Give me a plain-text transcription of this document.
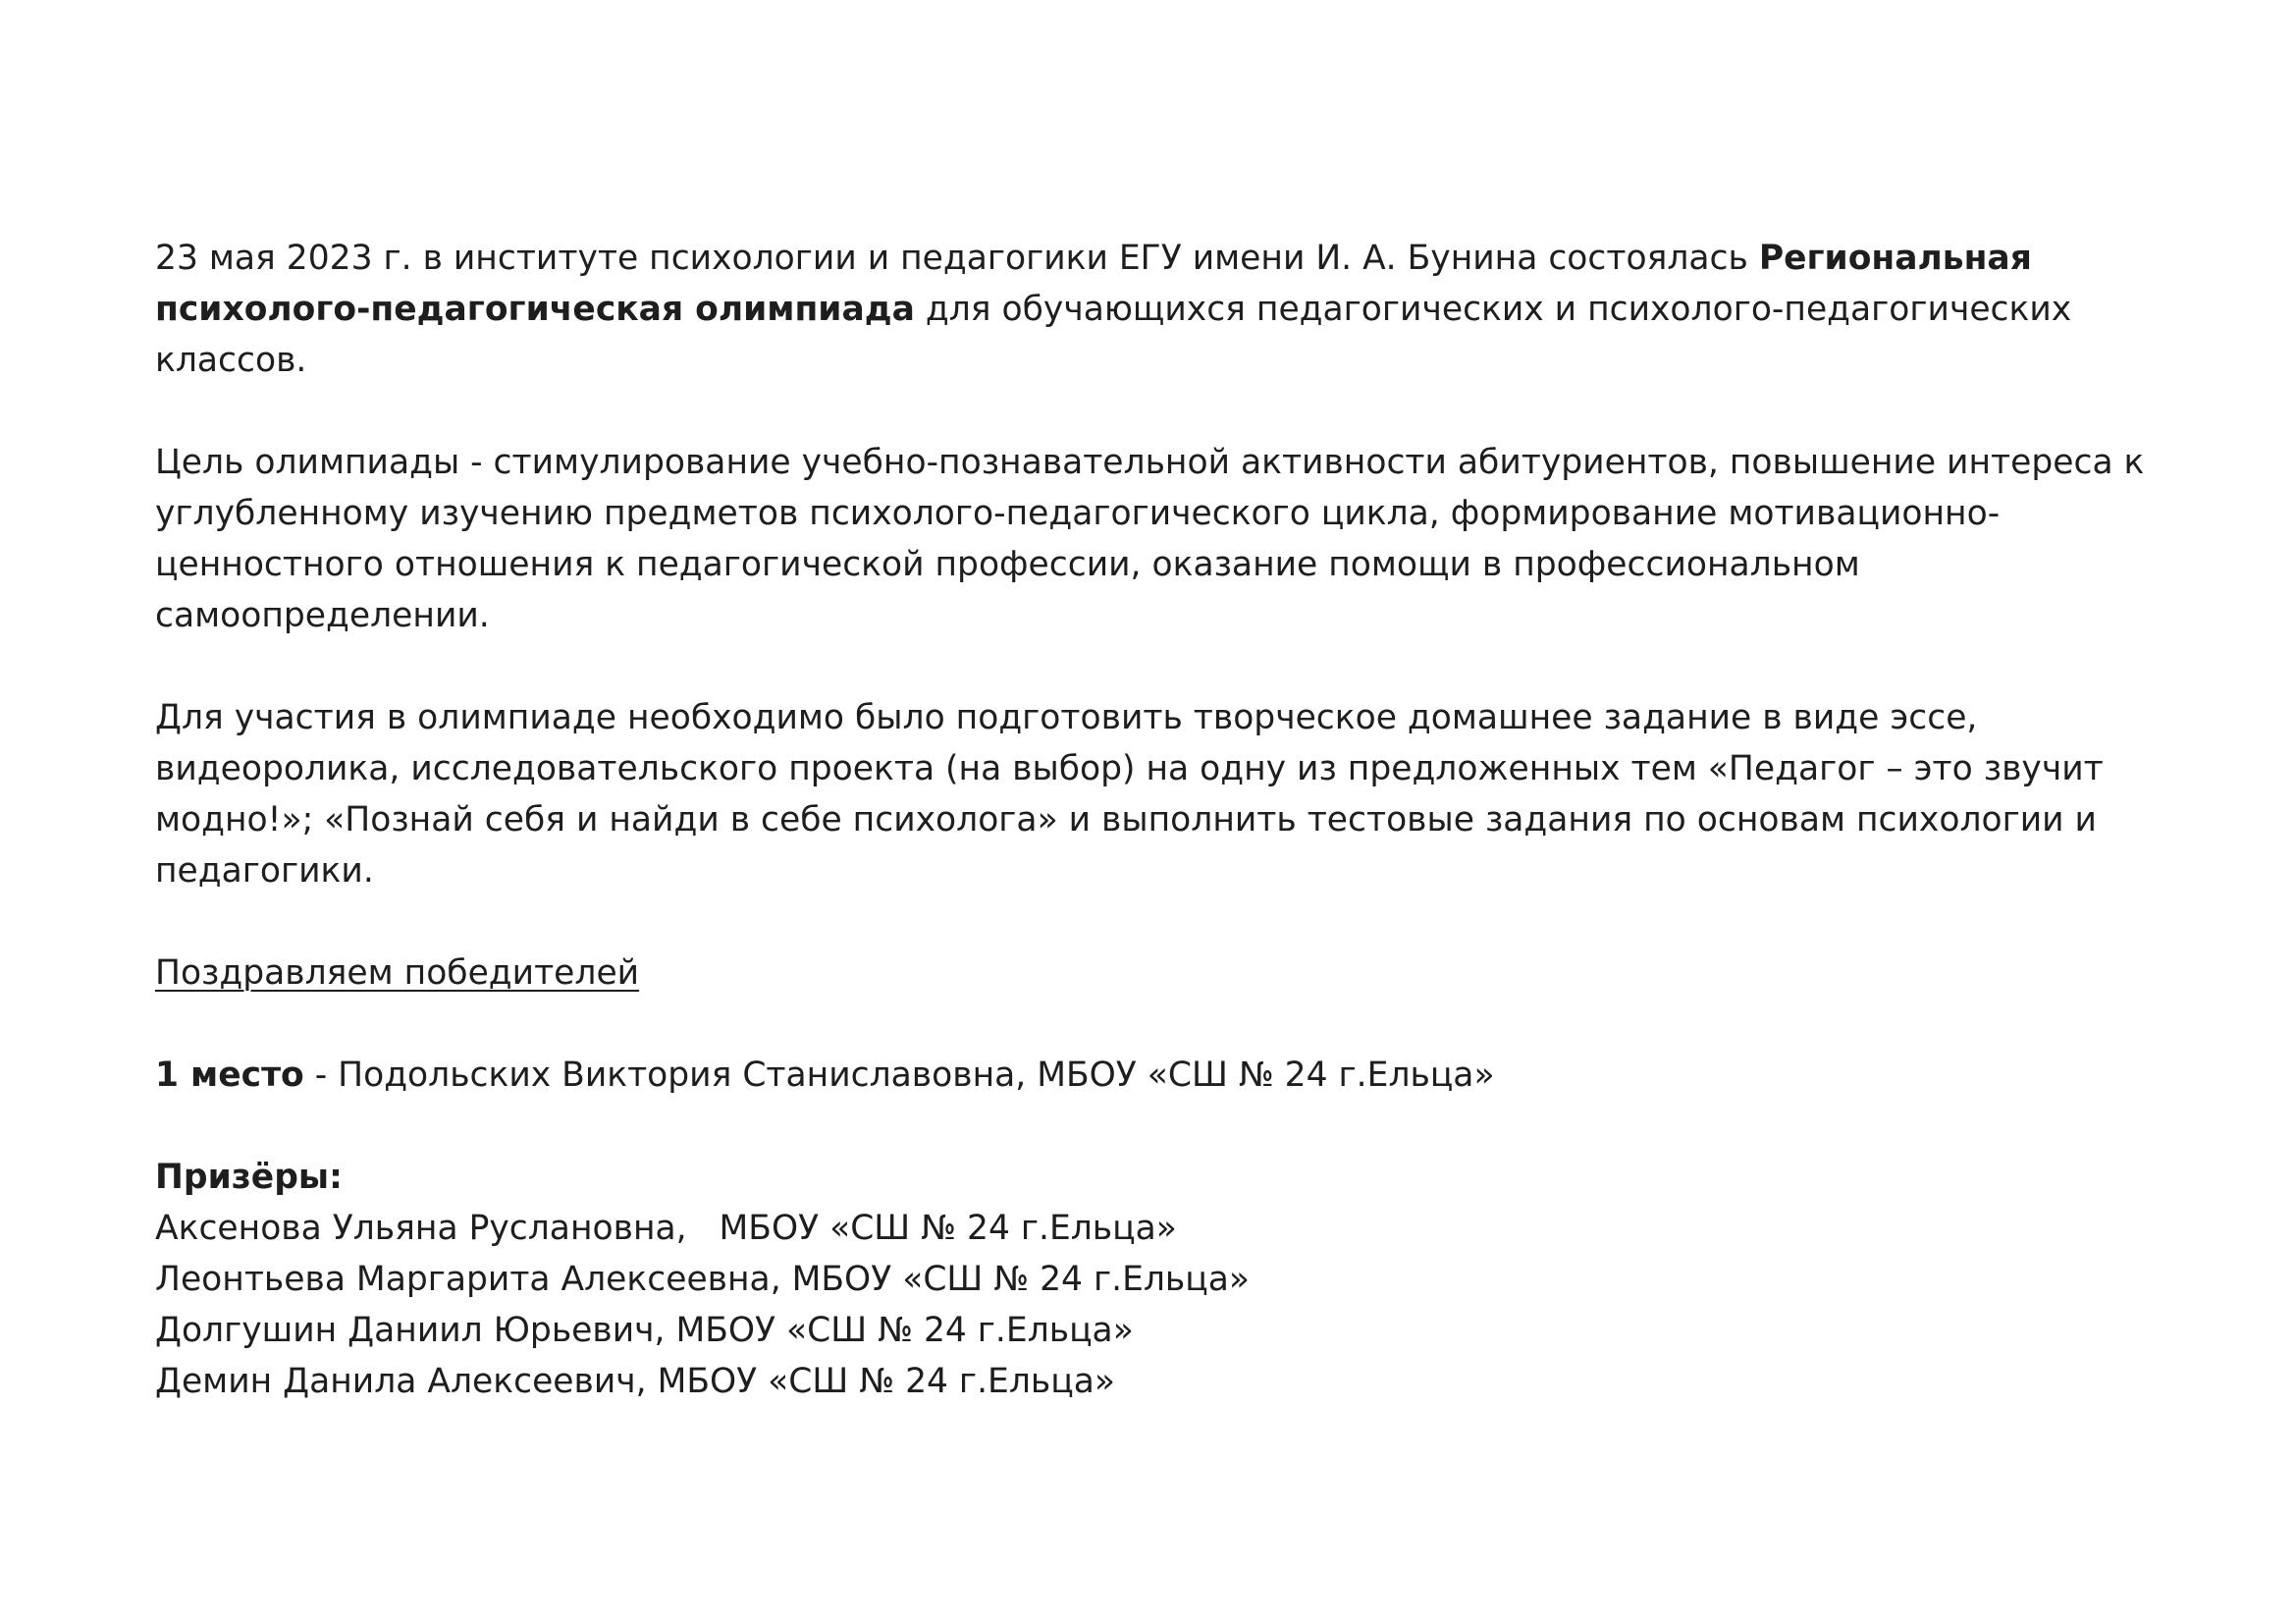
23 мая 2023 г. в институте психологии и педагогики ЕГУ имени И. А. Бунина состоялась Региональная психолого-педагогическая олимпиада для обучающихся педагогических и психолого-педагогических классов.

Цель олимпиады - стимулирование учебно-познавательной активности абитуриентов, повышение интереса к углубленному изучению предметов психолого-педагогического цикла, формирование мотивационно-ценностного отношения к педагогической профессии, оказание помощи в профессиональном самоопределении.

Для участия в олимпиаде необходимо было подготовить творческое домашнее задание в виде эссе, видеоролика, исследовательского проекта (на выбор) на одну из предложенных тем «Педагог – это звучит модно!»; «Познай себя и найди в себе психолога» и выполнить тестовые задания по основам психологии и педагогики.

Поздравляем победителей

1 место - Подольских Виктория Станиславовна, МБОУ «СШ № 24 г.Ельца»

Призёры:

Аксенова Ульяна Руслановна,   МБОУ «СШ № 24 г.Ельца»
Леонтьева Маргарита Алексеевна, МБОУ «СШ № 24 г.Ельца»
Долгушин Даниил Юрьевич, МБОУ «СШ № 24 г.Ельца»
Демин Данила Алексеевич, МБОУ «СШ № 24 г.Ельца»
